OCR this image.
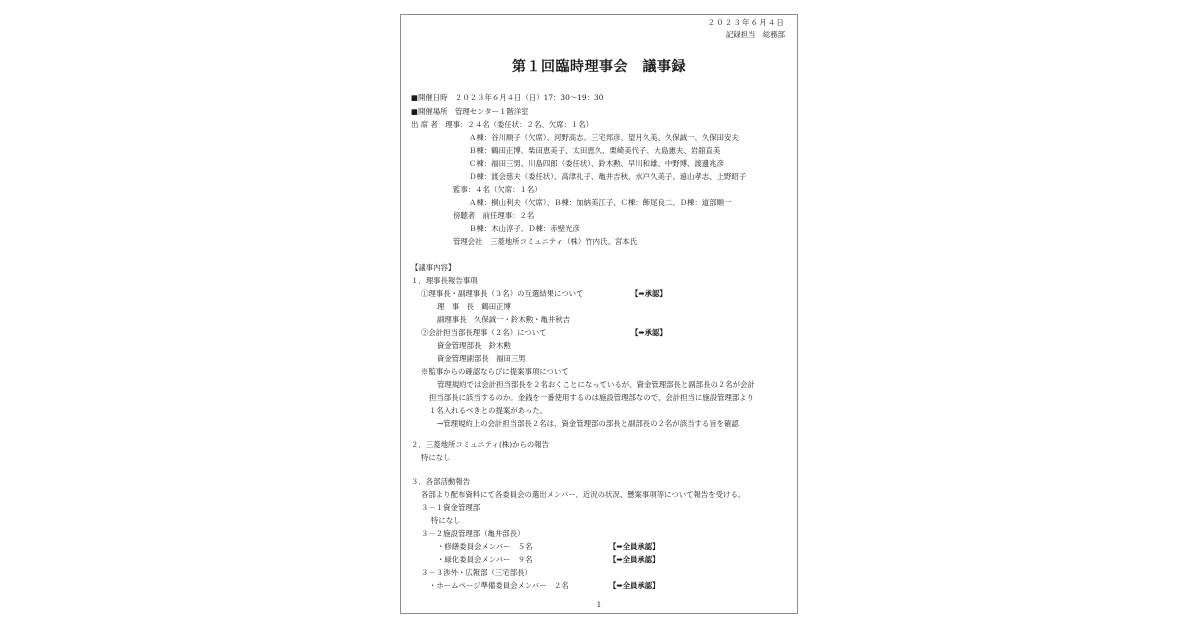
２０２３年６月４日
記録担当　総務部
第１回臨時理事会　議事録
■開催日時　２０２３年６月４日（日）17：30～19：30
■開催場所　管理センター１階洋室
出 席 者　理事：２４名（委任状：２名、欠席：１名）
Ａ棟：谷川順子（欠席）、河野高志、三宅邦彦、望月久美、久保誠一、久保田安夫
Ｂ棟：鶴田正博、柴田恵美子、太田恵久、栗崎美代子、大島憲夫、岩舘直美
Ｃ棟：福田三男、川島四郎（委任状）、鈴木勲、早川和雄、中野博、渡邊兆彦
Ｄ棟：渡会慈夫（委任状）、高津礼子、亀井吉秋、水戸久美子、遠山孝志、上野昭子
監事：４名（欠席：１名）
Ａ棟：桐山利夫（欠席）、Ｂ棟：加納美江子、Ｃ棟：飾尾良二、Ｄ棟：道部順一
傍聴者　前任理事：２名
Ｂ棟：木山淳子、Ｄ棟：赤壁光彦
管理会社　三菱地所コミュニティ（株）竹内氏、宮本氏
【議事内容】
１．理事長報告事項
①理事長・副理事長（３名）の互選結果について	【➡承認】
理　事　長　鶴田正博
副理事長　久保誠一・鈴木勲・亀井秋吉
②会計担当部長理事（２名）について	【➡承認】
資金管理部長　鈴木勲
資金管理副部長　福田三男
※監事からの確認ならびに提案事項について
管理規約では会計担当部長を２名おくことになっているが、資金管理部長と副部長の２名が会計
担当部長に該当するのか。金銭を一番使用するのは施設管理部なので、会計担当に施設管理部より
１名入れるべきとの提案があった。
→管理規約上の会計担当部長２名は、資金管理部の部長と副部長の２名が該当する旨を確認
２．三菱地所コミュニティ(株)からの報告
特になし
３．各部活動報告
各部より配布資料にて各委員会の選出メンバー、近況の状況、懸案事項等について報告を受ける。
３－１資金管理部
特になし
３－２施設管理部（亀井部長）
・修繕委員会メンバー　５名	【➡全員承認】
・緑化委員会メンバー　９名	【➡全員承認】
３－３渉外・広報部（三宅部長）
・ホームページ準備委員会メンバー　２名	【➡全員承認】
1
